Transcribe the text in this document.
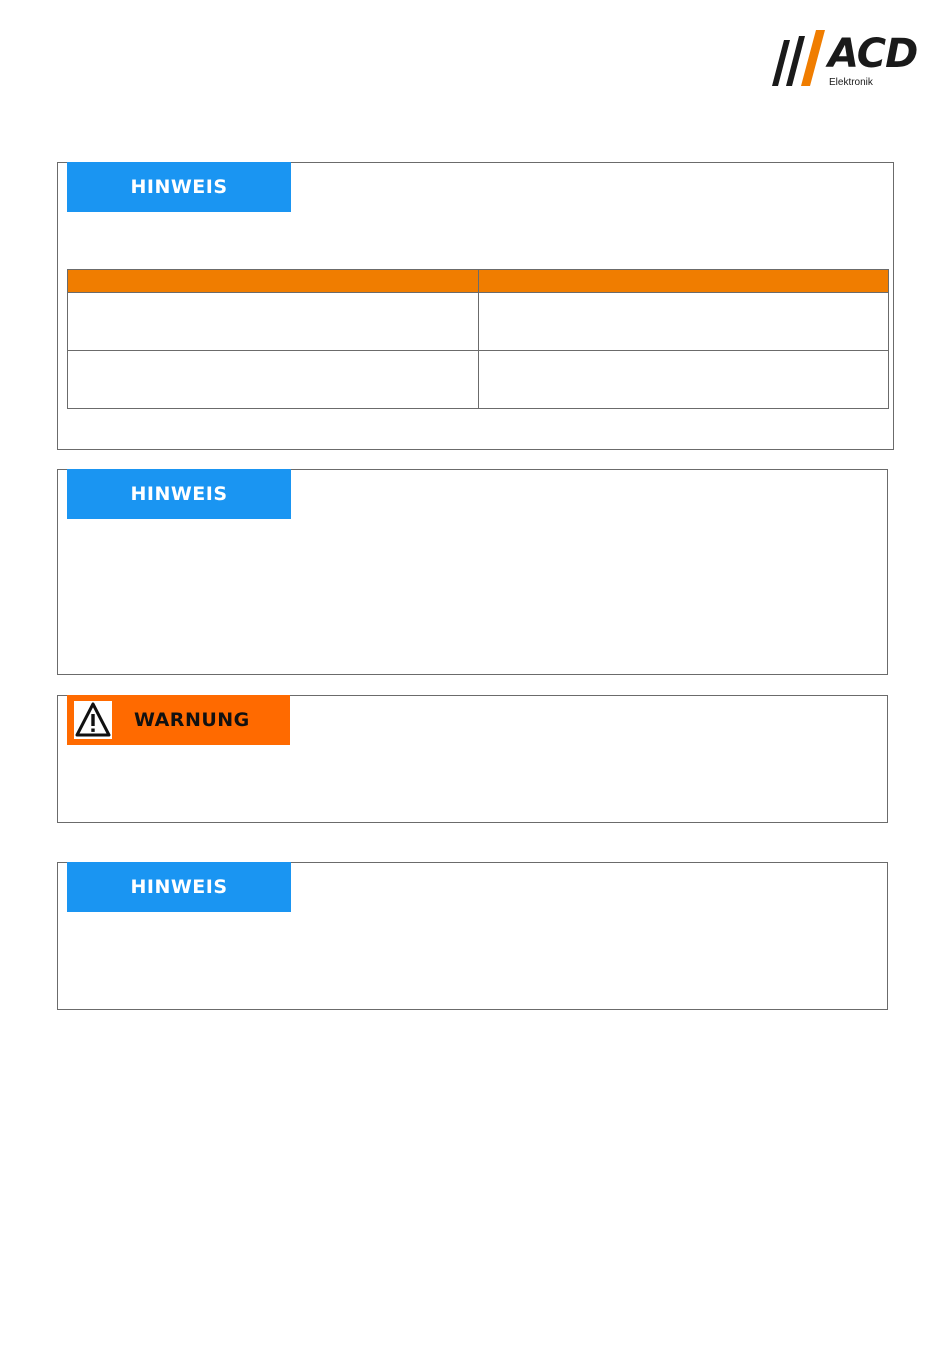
ACD
Elektronik
HINWEIS

HINWEIS
WARNUNG
HINWEIS
